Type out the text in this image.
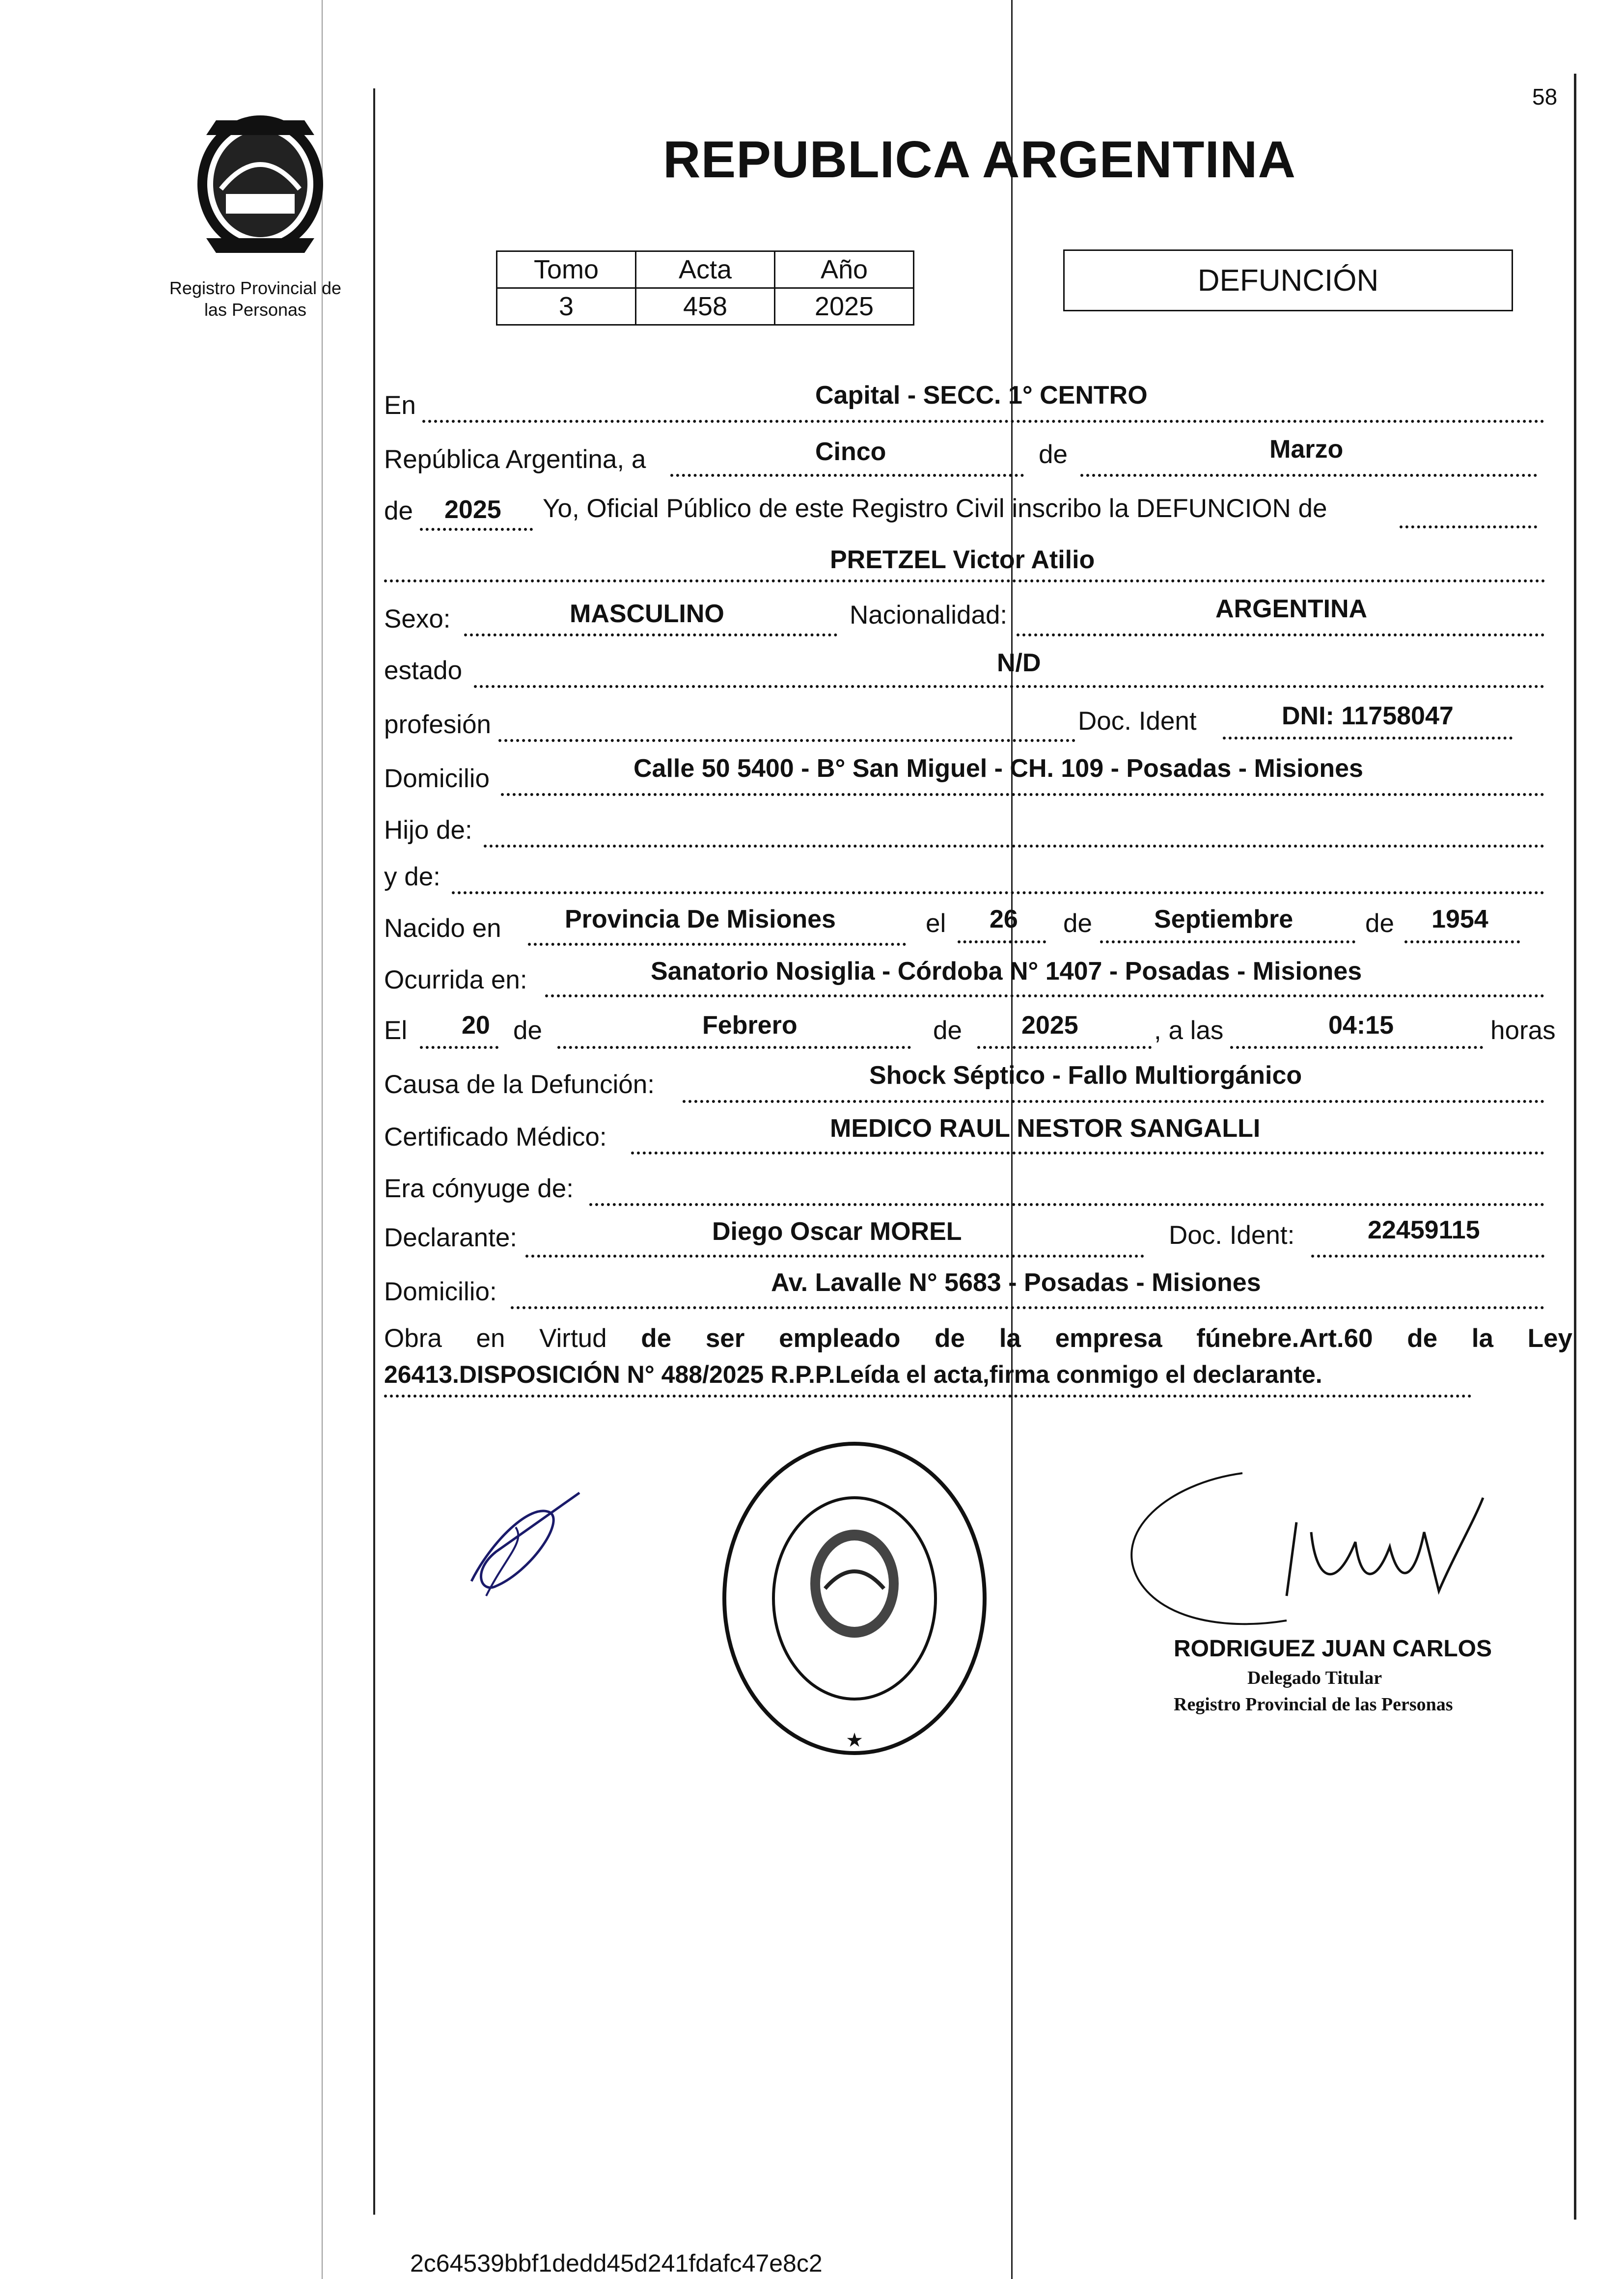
58
Registro Provincial de
las Personas
REPUBLICA ARGENTINA
Tomo	Acta	Año
3	458	2025
DEFUNCIÓN
En	Capital - SECC. 1° CENTRO
República Argentina, a	Cinco	de	Marzo
de 2025 Yo, Oficial Público de este Registro Civil inscribo la DEFUNCION de
PRETZEL Victor Atilio
Sexo:	MASCULINO	Nacionalidad:	ARGENTINA
estado	N/D
profesión	Doc. Ident	DNI: 11758047
Domicilio	Calle 50 5400 - B° San Miguel - CH. 109 - Posadas - Misiones
Hijo de:
y de:
Nacido en Provincia De Misiones	el 26 de Septiembre	de 1954
Ocurrida en:	Sanatorio Nosiglia - Córdoba N° 1407 - Posadas - Misiones
El 20 de	Febrero	de 2025	, a las	04:15	horas
Causa de la Defunción:	Shock Séptico - Fallo Multiorgánico
Certificado Médico:	MEDICO RAUL NESTOR SANGALLI
Era cónyuge de:
Declarante:	Diego Oscar MOREL	Doc. Ident:	22459115
Domicilio:	Av. Lavalle N° 5683 - Posadas - Misiones
Obra en Virtud de ser empleado de la empresa fúnebre.Art.60 de la Ley
26413.DISPOSICIÓN N° 488/2025 R.P.P.Leída el acta,firma conmigo el declarante.
★
RODRIGUEZ JUAN CARLOS
Delegado Titular
Registro Provincial de las Personas
2c64539bbf1dedd45d241fdafc47e8c2
